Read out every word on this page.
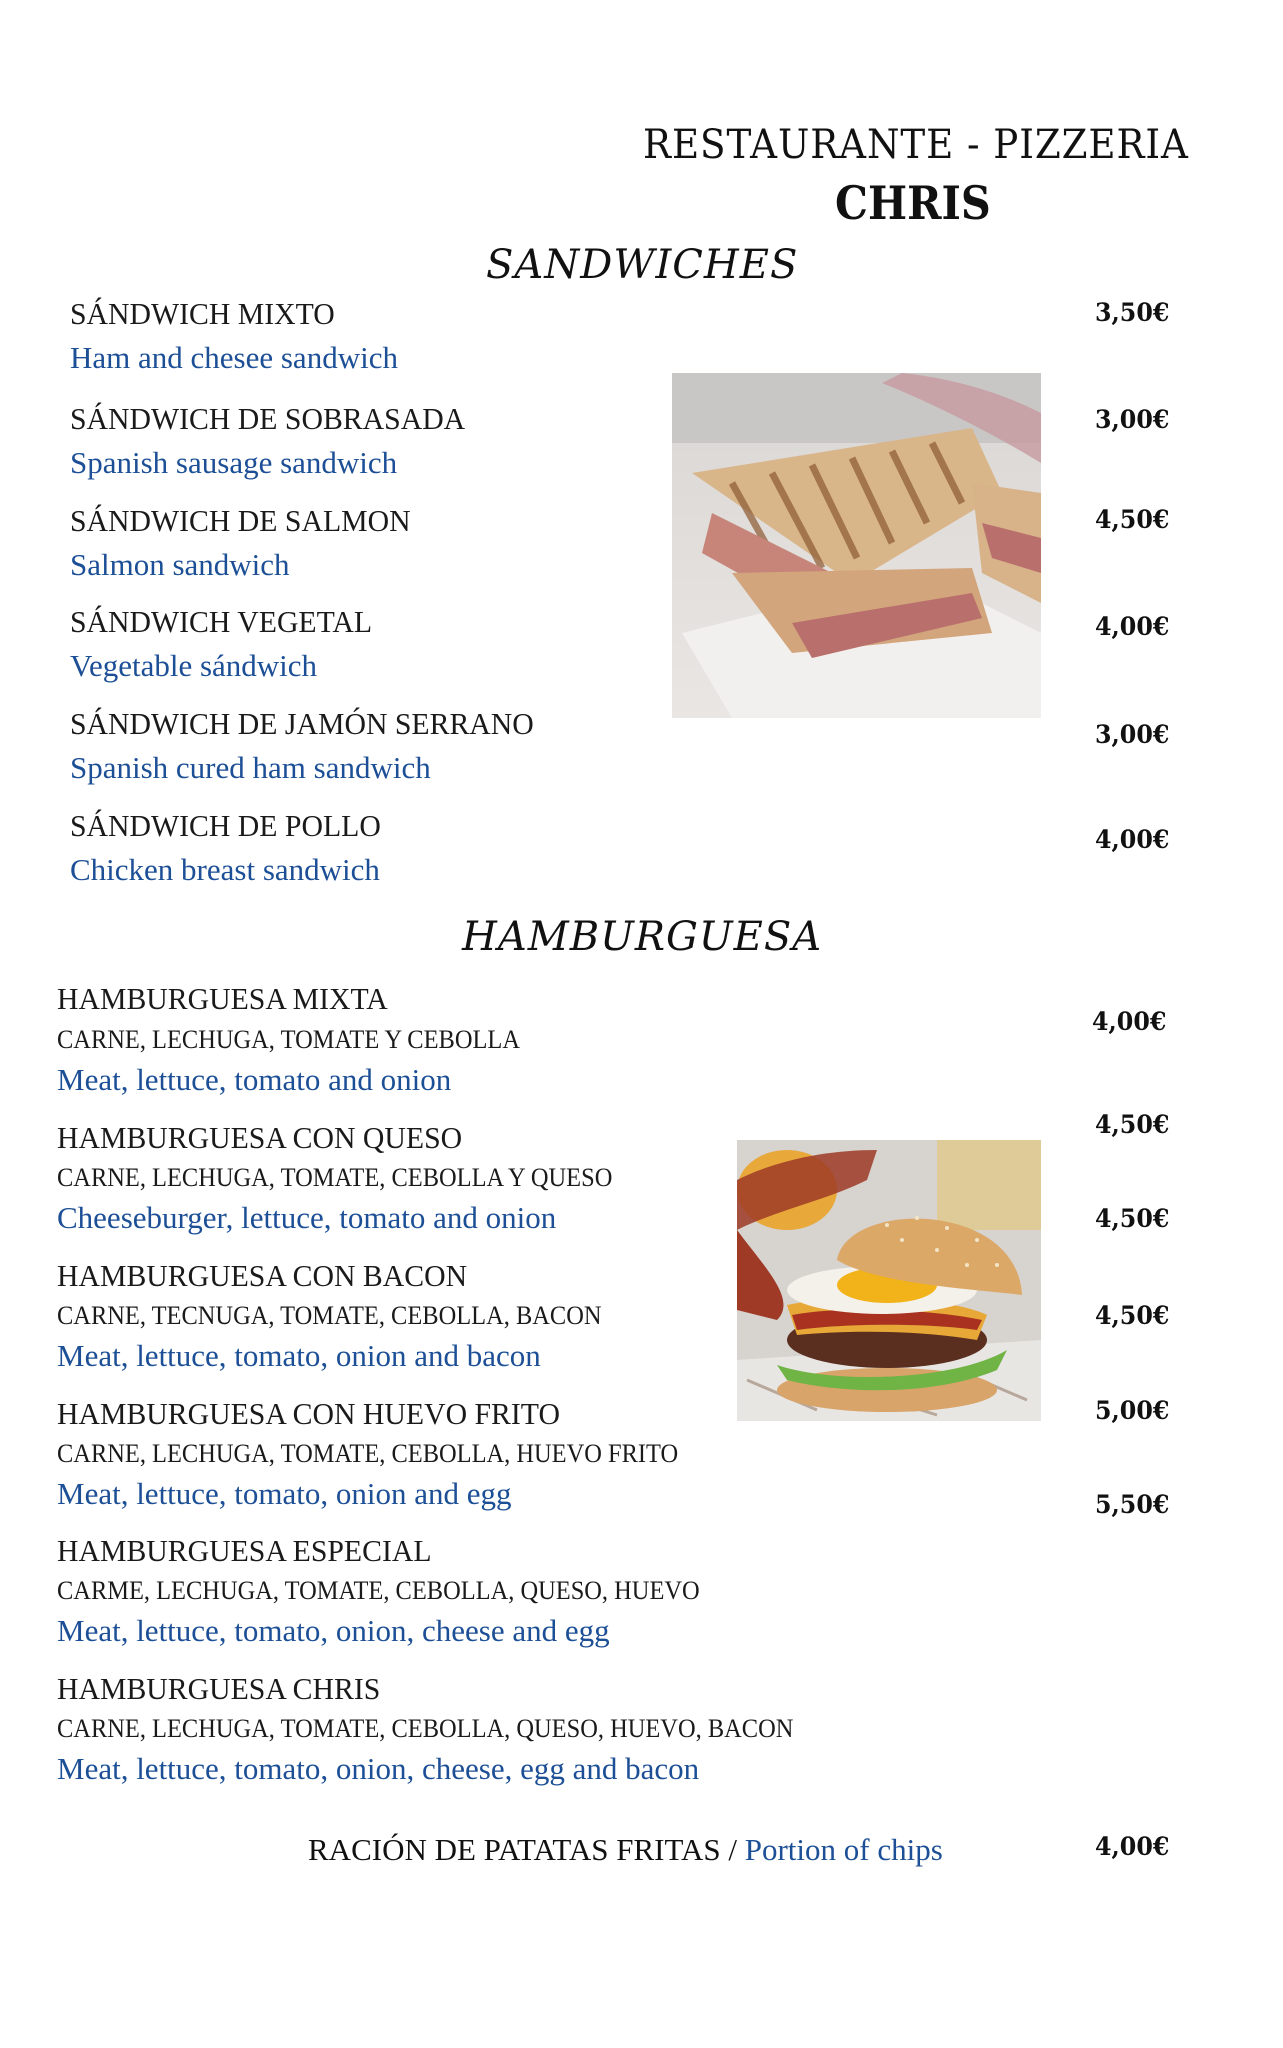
RESTAURANTE - PIZZERIA
CHRIS
SANDWICHES
SÁNDWICH MIXTO
Ham and chesee sandwich
3,50€
SÁNDWICH DE SOBRASADA
Spanish sausage sandwich
3,00€
SÁNDWICH DE SALMON
Salmon sandwich
4,50€
SÁNDWICH VEGETAL
Vegetable sándwich
4,00€
SÁNDWICH DE JAMÓN SERRANO
Spanish cured ham sandwich
3,00€
SÁNDWICH DE POLLO
Chicken breast sandwich
4,00€
HAMBURGUESA
HAMBURGUESA MIXTA
CARNE, LECHUGA, TOMATE Y CEBOLLA
Meat, lettuce, tomato and onion
4,00€
HAMBURGUESA CON QUESO
CARNE, LECHUGA, TOMATE, CEBOLLA Y QUESO
Cheeseburger, lettuce, tomato and onion
4,50€
HAMBURGUESA CON BACON
CARNE, TECNUGA, TOMATE, CEBOLLA, BACON
Meat, lettuce, tomato, onion and bacon
4,50€
HAMBURGUESA CON HUEVO FRITO
CARNE, LECHUGA, TOMATE, CEBOLLA, HUEVO FRITO
Meat, lettuce, tomato, onion and egg
4,50€
HAMBURGUESA ESPECIAL
CARME, LECHUGA, TOMATE, CEBOLLA, QUESO, HUEVO
Meat, lettuce, tomato, onion, cheese and egg
5,00€
HAMBURGUESA CHRIS
CARNE, LECHUGA, TOMATE, CEBOLLA, QUESO, HUEVO, BACON
Meat, lettuce, tomato, onion, cheese, egg and bacon
5,50€
RACIÓN DE PATATAS FRITAS / Portion of chips	4,00€
